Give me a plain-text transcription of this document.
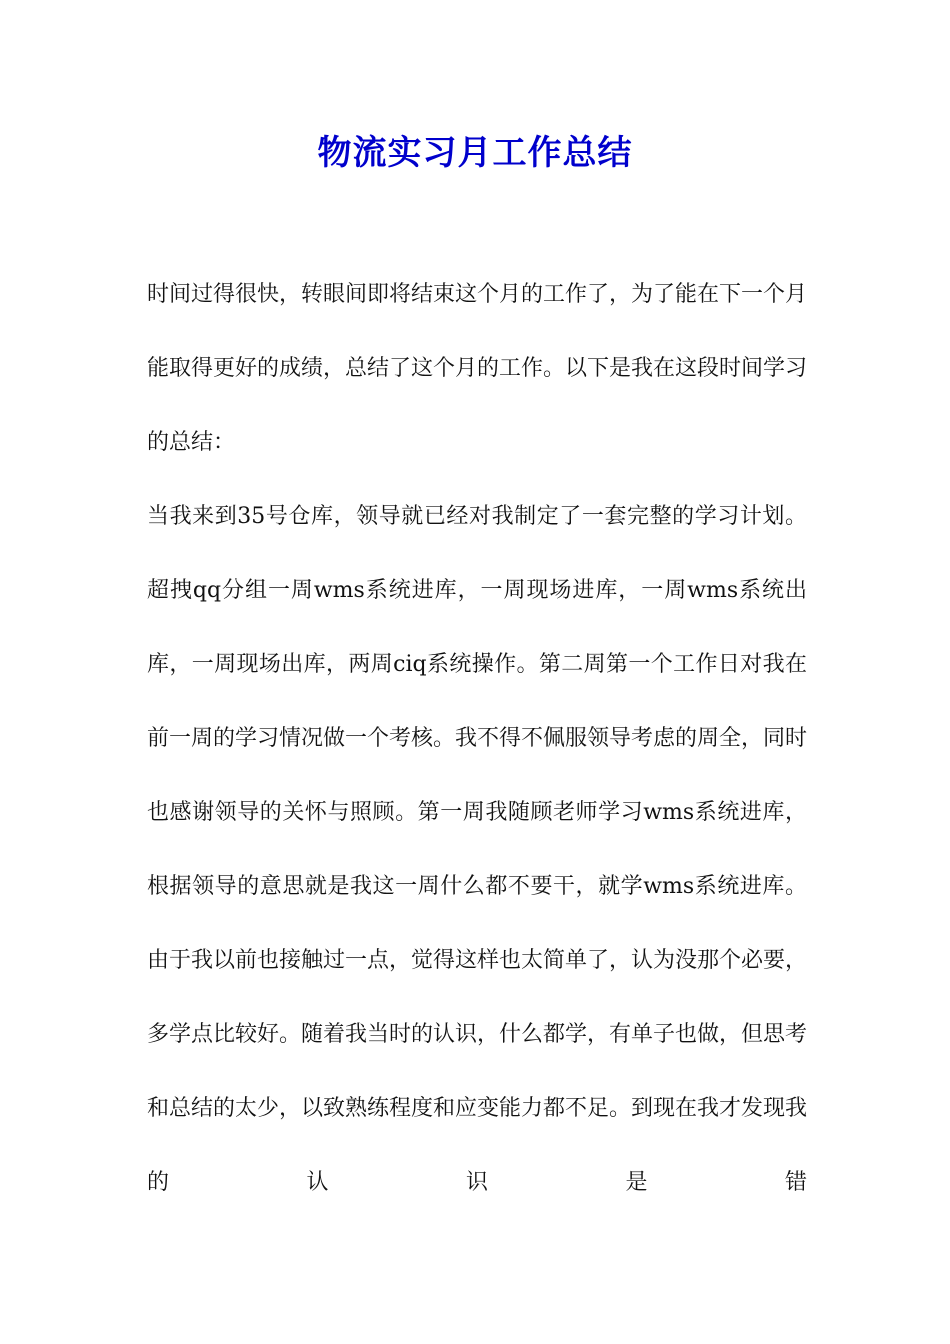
物流实习月工作总结

时间过得很快，转眼间即将结束这个月的工作了，为了能在下一个月能取得更好的成绩，总结了这个月的工作。以下是我在这段时间学习的总结：

当我来到35号仓库，领导就已经对我制定了一套完整的学习计划。超拽qq分组一周wms系统进库，一周现场进库，一周wms系统出库，一周现场出库，两周ciq系统操作。第二周第一个工作日对我在前一周的学习情况做一个考核。我不得不佩服领导考虑的周全，同时也感谢领导的关怀与照顾。第一周我随顾老师学习wms系统进库，根据领导的意思就是我这一周什么都不要干，就学wms系统进库。由于我以前也接触过一点，觉得这样也太简单了，认为没那个必要，多学点比较好。随着我当时的认识，什么都学，有单子也做，但思考和总结的太少，以致熟练程度和应变能力都不足。到现在我才发现我的认识是错
